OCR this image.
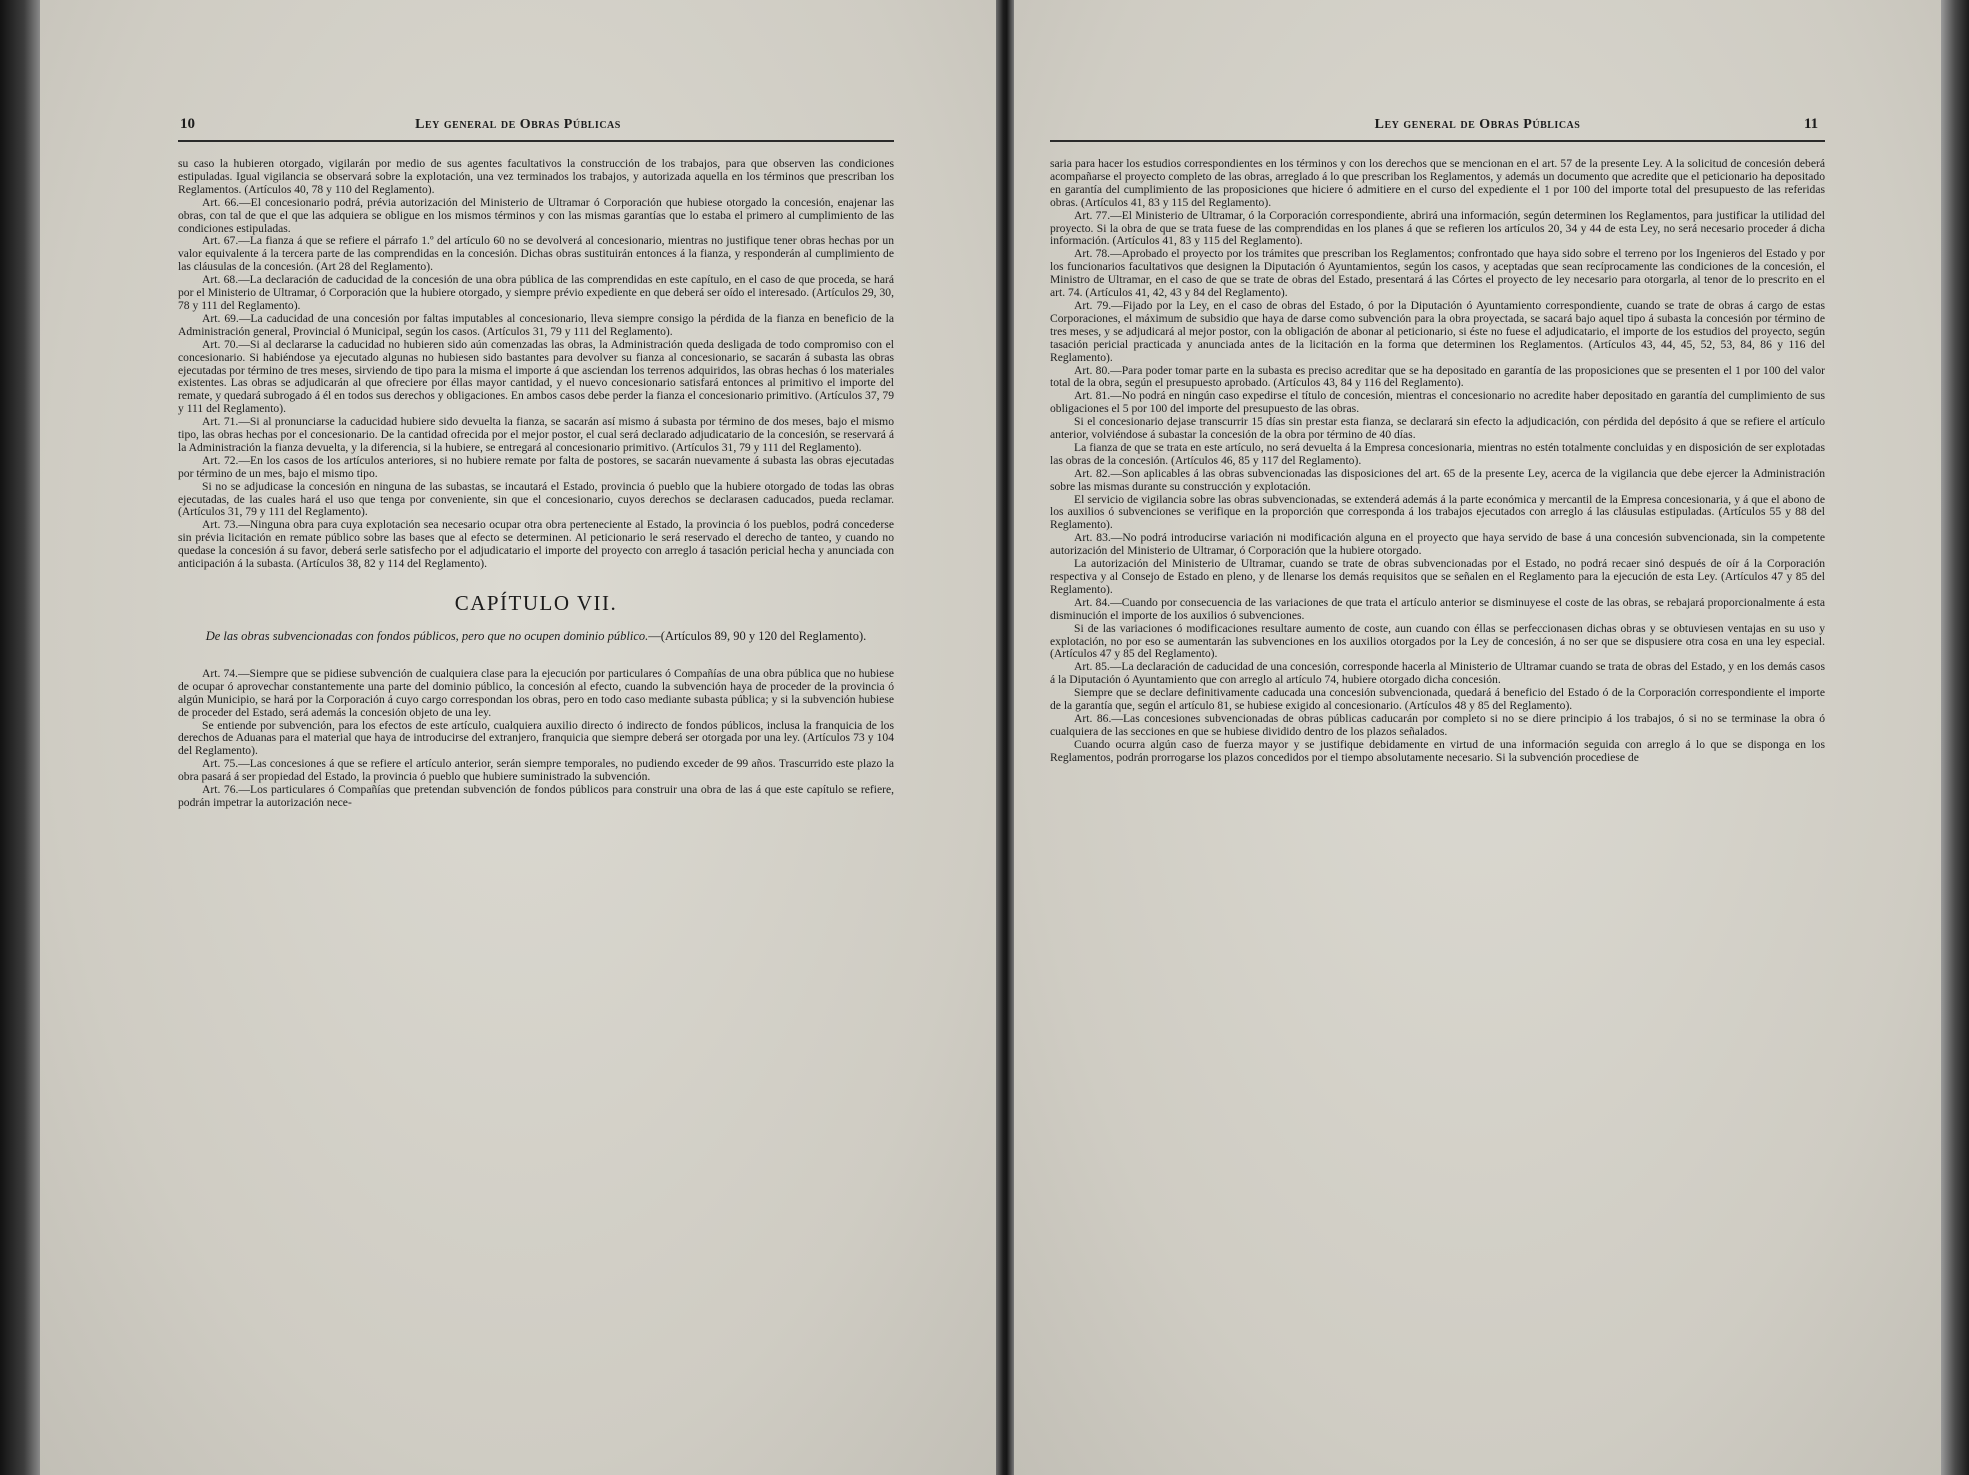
10	Ley general de Obras Públicas

su caso la hubieren otorgado, vigilarán por medio de sus agentes facultativos la construcción de los trabajos, para que observen las condiciones estipuladas. Igual vigilancia se observará sobre la explotación, una vez terminados los trabajos, y autorizada aquella en los términos que prescriban los Reglamentos. (Artículos 40, 78 y 110 del Reglamento).

Art. 66.—El concesionario podrá, prévia autorización del Ministerio de Ultramar ó Corporación que hubiese otorgado la concesión, enajenar las obras, con tal de que el que las adquiera se obligue en los mismos términos y con las mismas garantías que lo estaba el primero al cumplimiento de las condiciones estipuladas.

Art. 67.—La fianza á que se refiere el párrafo 1.º del artículo 60 no se devolverá al concesionario, mientras no justifique tener obras hechas por un valor equivalente á la tercera parte de las comprendidas en la concesión. Dichas obras sustituirán entonces á la fianza, y responderán al cumplimiento de las cláusulas de la concesión. (Art 28 del Reglamento).

Art. 68.—La declaración de caducidad de la concesión de una obra pública de las comprendidas en este capítulo, en el caso de que proceda, se hará por el Ministerio de Ultramar, ó Corporación que la hubiere otorgado, y siempre prévio expediente en que deberá ser oído el interesado. (Artículos 29, 30, 78 y 111 del Reglamento).

Art. 69.—La caducidad de una concesión por faltas imputables al concesionario, lleva siempre consigo la pérdida de la fianza en beneficio de la Administración general, Provincial ó Municipal, según los casos. (Artículos 31, 79 y 111 del Reglamento).

Art. 70.—Si al declararse la caducidad no hubieren sido aún comenzadas las obras, la Administración queda desligada de todo compromiso con el concesionario. Si habiéndose ya ejecutado algunas no hubiesen sido bastantes para devolver su fianza al concesionario, se sacarán á subasta las obras ejecutadas por término de tres meses, sirviendo de tipo para la misma el importe á que asciendan los terrenos adquiridos, las obras hechas ó los materiales existentes. Las obras se adjudicarán al que ofreciere por éllas mayor cantidad, y el nuevo concesionario satisfará entonces al primitivo el importe del remate, y quedará subrogado á él en todos sus derechos y obligaciones. En ambos casos debe perder la fianza el concesionario primitivo. (Artículos 37, 79 y 111 del Reglamento).

Art. 71.—Si al pronunciarse la caducidad hubiere sido devuelta la fianza, se sacarán así mismo á subasta por término de dos meses, bajo el mismo tipo, las obras hechas por el concesionario. De la cantidad ofrecida por el mejor postor, el cual será declarado adjudicatario de la concesión, se reservará á la Administración la fianza devuelta, y la diferencia, si la hubiere, se entregará al concesionario primitivo. (Artículos 31, 79 y 111 del Reglamento).

Art. 72.—En los casos de los artículos anteriores, si no hubiere remate por falta de postores, se sacarán nuevamente á subasta las obras ejecutadas por término de un mes, bajo el mismo tipo.

Si no se adjudicase la concesión en ninguna de las subastas, se incautará el Estado, provincia ó pueblo que la hubiere otorgado de todas las obras ejecutadas, de las cuales hará el uso que tenga por conveniente, sin que el concesionario, cuyos derechos se declarasen caducados, pueda reclamar. (Artículos 31, 79 y 111 del Reglamento).

Art. 73.—Ninguna obra para cuya explotación sea necesario ocupar otra obra perteneciente al Estado, la provincia ó los pueblos, podrá concederse sin prévia licitación en remate público sobre las bases que al efecto se determinen. Al peticionario le será reservado el derecho de tanteo, y cuando no quedase la concesión á su favor, deberá serle satisfecho por el adjudicatario el importe del proyecto con arreglo á tasación pericial hecha y anunciada con anticipación á la subasta. (Artículos 38, 82 y 114 del Reglamento).

CAPÍTULO VII.
De las obras subvencionadas con fondos públicos, pero que no ocupen dominio público.—(Artículos 89, 90 y 120 del Reglamento).

Art. 74.—Siempre que se pidiese subvención de cualquiera clase para la ejecución por particulares ó Compañías de una obra pública que no hubiese de ocupar ó aprovechar constantemente una parte del dominio público, la concesión al efecto, cuando la subvención haya de proceder de la provincia ó algún Municipio, se hará por la Corporación á cuyo cargo correspondan los obras, pero en todo caso mediante subasta pública; y si la subvención hubiese de proceder del Estado, será además la concesión objeto de una ley.

Se entiende por subvención, para los efectos de este artículo, cualquiera auxilio directo ó indirecto de fondos públicos, inclusa la franquicia de los derechos de Aduanas para el material que haya de introducirse del extranjero, franquicia que siempre deberá ser otorgada por una ley. (Artículos 73 y 104 del Reglamento).

Art. 75.—Las concesiones á que se refiere el artículo anterior, serán siempre temporales, no pudiendo exceder de 99 años. Trascurrido este plazo la obra pasará á ser propiedad del Estado, la provincia ó pueblo que hubiere suministrado la subvención.

Art. 76.—Los particulares ó Compañías que pretendan subvención de fondos públicos para construir una obra de las á que este capítulo se refiere, podrán impetrar la autorización nece-

Ley general de Obras Públicas	11

saria para hacer los estudios correspondientes en los términos y con los derechos que se mencionan en el art. 57 de la presente Ley. A la solicitud de concesión deberá acompañarse el proyecto completo de las obras, arreglado á lo que prescriban los Reglamentos, y además un documento que acredite que el peticionario ha depositado en garantía del cumplimiento de las proposiciones que hiciere ó admitiere en el curso del expediente el 1 por 100 del importe total del presupuesto de las referidas obras. (Artículos 41, 83 y 115 del Reglamento).

Art. 77.—El Ministerio de Ultramar, ó la Corporación correspondiente, abrirá una información, según determinen los Reglamentos, para justificar la utilidad del proyecto. Si la obra de que se trata fuese de las comprendidas en los planes á que se refieren los artículos 20, 34 y 44 de esta Ley, no será necesario proceder á dicha información. (Artículos 41, 83 y 115 del Reglamento).

Art. 78.—Aprobado el proyecto por los trámites que prescriban los Reglamentos; confrontado que haya sido sobre el terreno por los Ingenieros del Estado y por los funcionarios facultativos que designen la Diputación ó Ayuntamientos, según los casos, y aceptadas que sean recíprocamente las condiciones de la concesión, el Ministro de Ultramar, en el caso de que se trate de obras del Estado, presentará á las Córtes el proyecto de ley necesario para otorgarla, al tenor de lo prescrito en el art. 74. (Artículos 41, 42, 43 y 84 del Reglamento).

Art. 79.—Fijado por la Ley, en el caso de obras del Estado, ó por la Diputación ó Ayuntamiento correspondiente, cuando se trate de obras á cargo de estas Corporaciones, el máximum de subsidio que haya de darse como subvención para la obra proyectada, se sacará bajo aquel tipo á subasta la concesión por término de tres meses, y se adjudicará al mejor postor, con la obligación de abonar al peticionario, si éste no fuese el adjudicatario, el importe de los estudios del proyecto, según tasación pericial practicada y anunciada antes de la licitación en la forma que determinen los Reglamentos. (Artículos 43, 44, 45, 52, 53, 84, 86 y 116 del Reglamento).

Art. 80.—Para poder tomar parte en la subasta es preciso acreditar que se ha depositado en garantía de las proposiciones que se presenten el 1 por 100 del valor total de la obra, según el presupuesto aprobado. (Artículos 43, 84 y 116 del Reglamento).

Art. 81.—No podrá en ningún caso expedirse el título de concesión, mientras el concesionario no acredite haber depositado en garantía del cumplimiento de sus obligaciones el 5 por 100 del importe del presupuesto de las obras.

Si el concesionario dejase transcurrir 15 días sin prestar esta fianza, se declarará sin efecto la adjudicación, con pérdida del depósito á que se refiere el artículo anterior, volviéndose á subastar la concesión de la obra por término de 40 días.

La fianza de que se trata en este artículo, no será devuelta á la Empresa concesionaria, mientras no estén totalmente concluidas y en disposición de ser explotadas las obras de la concesión. (Artículos 46, 85 y 117 del Reglamento).

Art. 82.—Son aplicables á las obras subvencionadas las disposiciones del art. 65 de la presente Ley, acerca de la vigilancia que debe ejercer la Administración sobre las mismas durante su construcción y explotación.

El servicio de vigilancia sobre las obras subvencionadas, se extenderá además á la parte económica y mercantil de la Empresa concesionaria, y á que el abono de los auxilios ó subvenciones se verifique en la proporción que corresponda á los trabajos ejecutados con arreglo á las cláusulas estipuladas. (Artículos 55 y 88 del Reglamento).

Art. 83.—No podrá introducirse variación ni modificación alguna en el proyecto que haya servido de base á una concesión subvencionada, sin la competente autorización del Ministerio de Ultramar, ó Corporación que la hubiere otorgado.

La autorización del Ministerio de Ultramar, cuando se trate de obras subvencionadas por el Estado, no podrá recaer sinó después de oír á la Corporación respectiva y al Consejo de Estado en pleno, y de llenarse los demás requisitos que se señalen en el Reglamento para la ejecución de esta Ley. (Artículos 47 y 85 del Reglamento).

Art. 84.—Cuando por consecuencia de las variaciones de que trata el artículo anterior se disminuyese el coste de las obras, se rebajará proporcionalmente á esta disminución el importe de los auxilios ó subvenciones.

Si de las variaciones ó modificaciones resultare aumento de coste, aun cuando con éllas se perfeccionasen dichas obras y se obtuviesen ventajas en su uso y explotación, no por eso se aumentarán las subvenciones en los auxilios otorgados por la Ley de concesión, á no ser que se dispusiere otra cosa en una ley especial. (Artículos 47 y 85 del Reglamento).

Art. 85.—La declaración de caducidad de una concesión, corresponde hacerla al Ministerio de Ultramar cuando se trata de obras del Estado, y en los demás casos á la Diputación ó Ayuntamiento que con arreglo al artículo 74, hubiere otorgado dicha concesión.

Siempre que se declare definitivamente caducada una concesión subvencionada, quedará á beneficio del Estado ó de la Corporación correspondiente el importe de la garantía que, según el artículo 81, se hubiese exigido al concesionario. (Artículos 48 y 85 del Reglamento).

Art. 86.—Las concesiones subvencionadas de obras públicas caducarán por completo si no se diere principio á los trabajos, ó si no se terminase la obra ó cualquiera de las secciones en que se hubiese dividido dentro de los plazos señalados.

Cuando ocurra algún caso de fuerza mayor y se justifique debidamente en virtud de una información seguida con arreglo á lo que se disponga en los Reglamentos, podrán prorrogarse los plazos concedidos por el tiempo absolutamente necesario. Si la subvención procediese de
